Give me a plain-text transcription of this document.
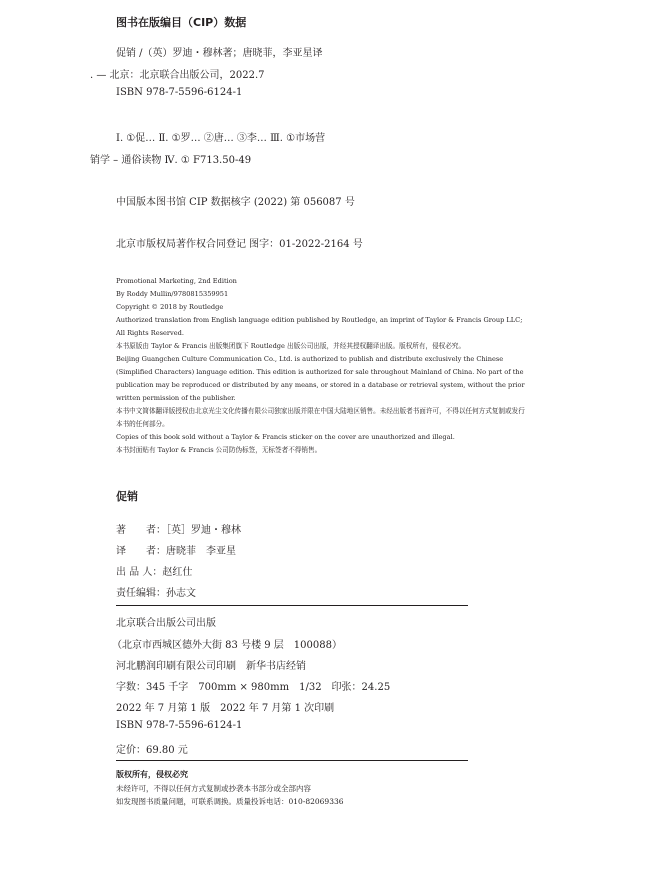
图书在版编目（CIP）数据
促销 /（英）罗迪・穆林著；唐晓菲，李亚星译
. — 北京：北京联合出版公司，2022.7
ISBN 978-7-5596-6124-1
Ⅰ. ①促… Ⅱ. ①罗… ②唐… ③李… Ⅲ. ①市场营
销学 – 通俗读物 Ⅳ. ① F713.50-49
中国版本图书馆 CIP 数据核字 (2022) 第 056087 号
北京市版权局著作权合同登记 图字：01-2022-2164 号
Promotional Marketing, 2nd Edition
By Roddy Mullin/9780815359951
Copyright © 2018 by Routledge
Authorized translation from English language edition published by Routledge, an imprint of Taylor & Francis Group LLC; All Rights Reserved.
本书原版由 Taylor & Francis 出版集团旗下 Routledge 出版公司出版，并经其授权翻译出版。版权所有，侵权必究。
Beijing Guangchen Culture Communication Co., Ltd. is authorized to publish and distribute exclusively the Chinese (Simplified Characters) language edition. This edition is authorized for sale throughout Mainland of China. No part of the publication may be reproduced or distributed by any means, or stored in a database or retrieval system, without the prior written permission of the publisher.
本书中文简体翻译版授权由北京光尘文化传播有限公司独家出版并限在中国大陆地区销售。未经出版者书面许可，不得以任何方式复制或发行本书的任何部分。
Copies of this book sold without a Taylor & Francis sticker on the cover are unauthorized and illegal.
本书封面贴有 Taylor & Francis 公司防伪标签，无标签者不得销售。
促销
著　　者：［英］罗迪・穆林
译　　者：唐晓菲　李亚星
出 品 人：赵红仕
责任编辑：孙志文
北京联合出版公司出版
（北京市西城区德外大街 83 号楼 9 层　100088）
河北鹏润印刷有限公司印刷　新华书店经销
字数：345 千字　700mm × 980mm　1/32　印张：24.25
2022 年 7 月第 1 版　2022 年 7 月第 1 次印刷
ISBN 978-7-5596-6124-1
定价：69.80 元
版权所有，侵权必究
未经许可，不得以任何方式复制或抄袭本书部分或全部内容
如发现图书质量问题，可联系调换。质量投诉电话：010-82069336
